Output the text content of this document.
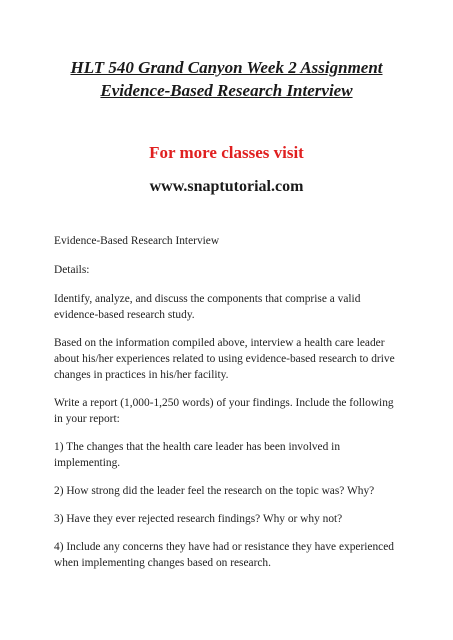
HLT 540 Grand Canyon Week 2 Assignment
Evidence-Based Research Interview
For more classes visit
www.snaptutorial.com

Evidence-Based Research Interview

Details:

Identify, analyze, and discuss the components that comprise a valid evidence-based research study.

Based on the information compiled above, interview a health care leader about his/her experiences related to using evidence-based research to drive changes in practices in his/her facility.

Write a report (1,000-1,250 words) of your findings. Include the following in your report:

1) The changes that the health care leader has been involved in implementing.

2) How strong did the leader feel the research on the topic was? Why?

3) Have they ever rejected research findings? Why or why not?

4) Include any concerns they have had or resistance they have experienced when implementing changes based on research.
